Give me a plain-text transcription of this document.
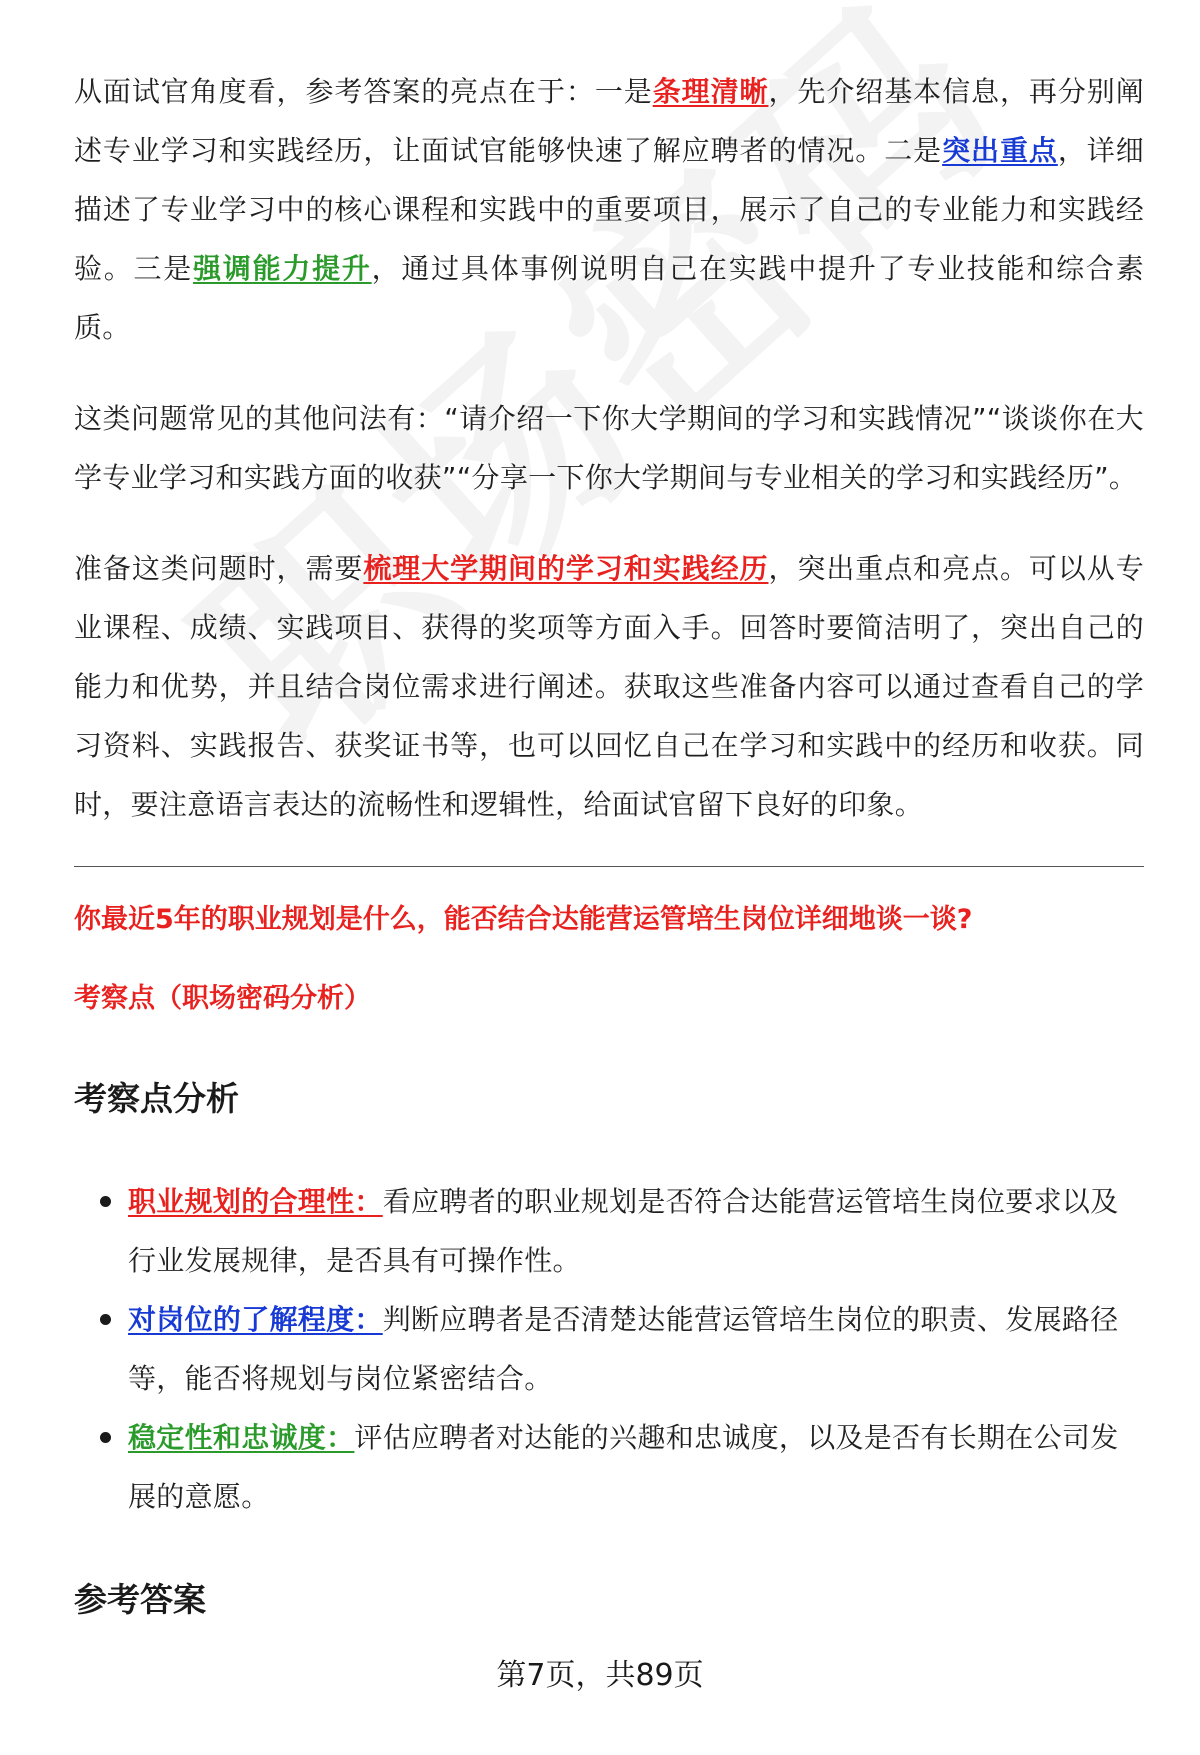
从面试官角度看，参考答案的亮点在于：一是条理清晰，先介绍基本信息，再分别阐述专业学习和实践经历，让面试官能够快速了解应聘者的情况。二是突出重点，详细描述了专业学习中的核心课程和实践中的重要项目，展示了自己的专业能力和实践经验。三是强调能力提升，通过具体事例说明自己在实践中提升了专业技能和综合素质。

这类问题常见的其他问法有：“请介绍一下你大学期间的学习和实践情况”“谈谈你在大学专业学习和实践方面的收获”“分享一下你大学期间与专业相关的学习和实践经历”。

准备这类问题时，需要梳理大学期间的学习和实践经历，突出重点和亮点。可以从专业课程、成绩、实践项目、获得的奖项等方面入手。回答时要简洁明了，突出自己的能力和优势，并且结合岗位需求进行阐述。获取这些准备内容可以通过查看自己的学习资料、实践报告、获奖证书等，也可以回忆自己在学习和实践中的经历和收获。同时，要注意语言表达的流畅性和逻辑性，给面试官留下良好的印象。

你最近5年的职业规划是什么，能否结合达能营运管培生岗位详细地谈一谈?
考察点（职场密码分析）
考察点分析
职业规划的合理性：看应聘者的职业规划是否符合达能营运管培生岗位要求以及行业发展规律，是否具有可操作性。
对岗位的了解程度：判断应聘者是否清楚达能营运管培生岗位的职责、发展路径等，能否将规划与岗位紧密结合。
稳定性和忠诚度：评估应聘者对达能的兴趣和忠诚度，以及是否有长期在公司发展的意愿。
参考答案
第7页，共89页
